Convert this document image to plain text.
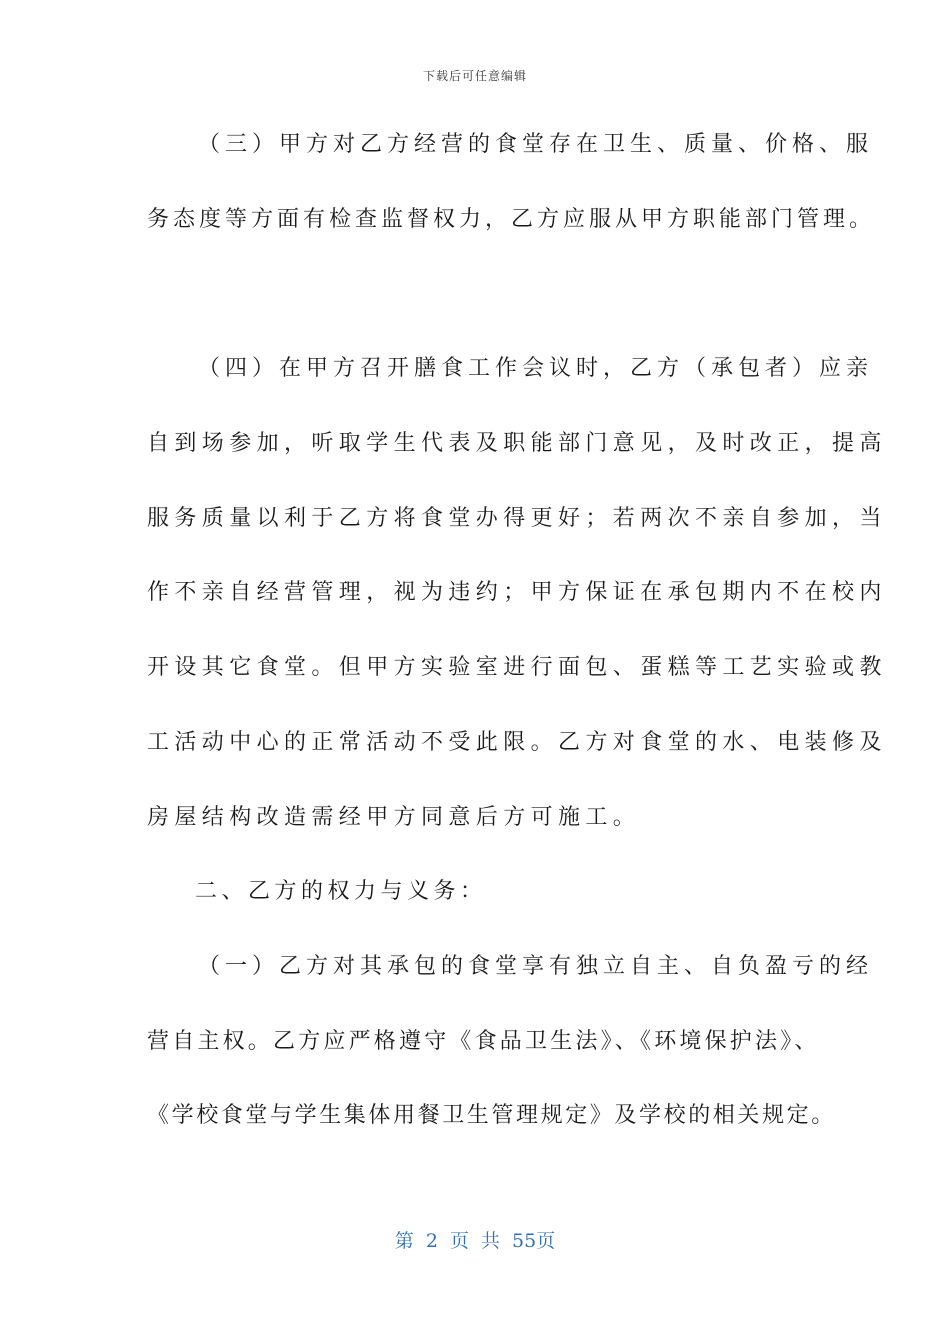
下载后可任意编辑
（三）甲方对乙方经营的食堂存在卫生、质量、价格、服
务态度等方面有检查监督权力，乙方应服从甲方职能部门管理。
（四）在甲方召开膳食工作会议时，乙方（承包者）应亲
自到场参加，听取学生代表及职能部门意见，及时改正，提高
服务质量以利于乙方将食堂办得更好；若两次不亲自参加，当
作不亲自经营管理，视为违约；甲方保证在承包期内不在校内
开设其它食堂。但甲方实验室进行面包、蛋糕等工艺实验或教
工活动中心的正常活动不受此限。乙方对食堂的水、电装修及
房屋结构改造需经甲方同意后方可施工。
二、乙方的权力与义务：
（一）乙方对其承包的食堂享有独立自主、自负盈亏的经
营自主权。乙方应严格遵守《食品卫生法》、《环境保护法》、
《学校食堂与学生集体用餐卫生管理规定》及学校的相关规定。
第 2 页 共 55页
